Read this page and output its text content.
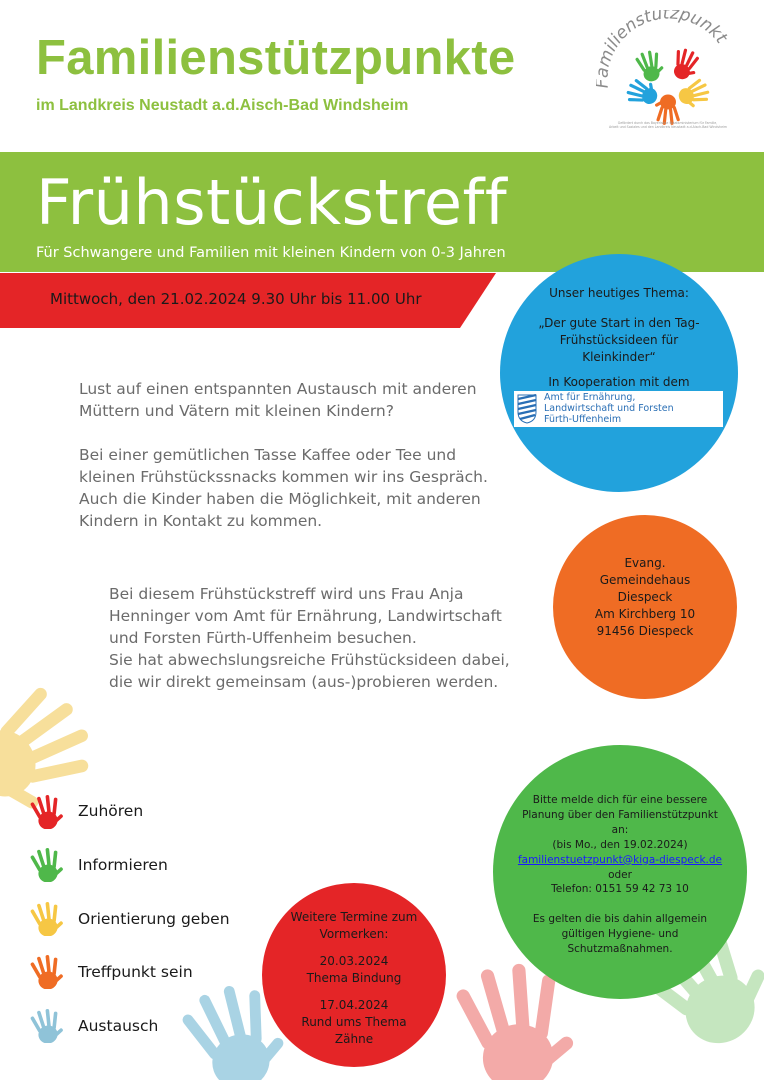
Familienstützpunkte
im Landkreis Neustadt a.d.Aisch-Bad Windsheim
milienstützpunkt
Gefördert durch das Bayerische Staatsministerium für Familie, Arbeit und Soziales und den Landkreis Neustadt a.d.Aisch-Bad Windsheim
Frühstückstreff
Für Schwangere und Familien mit kleinen Kindern von 0-3 Jahren
Mittwoch, den 21.02.2024 9.30 Uhr bis 11.00 Uhr	Unser heutiges Thema:
„Der gute Start in den Tag-
Frühstücksideen für
Kleinkinder“
In Kooperation mit dem
Amt für Ernährung,
Landwirtschaft und Forsten
Fürth-Uffenheim
Lust auf einen entspannten Austausch mit anderen Müttern und Vätern mit kleinen Kindern?
Bei einer gemütlichen Tasse Kaffee oder Tee und kleinen Frühstückssnacks kommen wir ins Gespräch. Auch die Kinder haben die Möglichkeit, mit anderen Kindern in Kontakt zu kommen.
Bei diesem Frühstückstreff wird uns Frau Anja Henninger vom Amt für Ernährung, Landwirtschaft und Forsten Fürth-Uffenheim besuchen.
Sie hat abwechslungsreiche Frühstücksideen dabei, die wir direkt gemeinsam (aus-)probieren werden.
Evang.
Gemeindehaus
Diespeck
Am Kirchberg 10
91456 Diespeck
Bitte melde dich für eine bessere
Planung über den Familienstützpunkt
an:
(bis Mo., den 19.02.2024)
familienstuetzpunkt@kiga-diespeck.de
oder
Telefon: 0151 59 42 73 10
Es gelten die bis dahin allgemein
gültigen Hygiene- und
Schutzmaßnahmen.
Weitere Termine zum
Vormerken:
20.03.2024
Thema Bindung
17.04.2024
Rund ums Thema
Zähne
Zuhören
Informieren
Orientierung geben
Treffpunkt sein
Austausch
